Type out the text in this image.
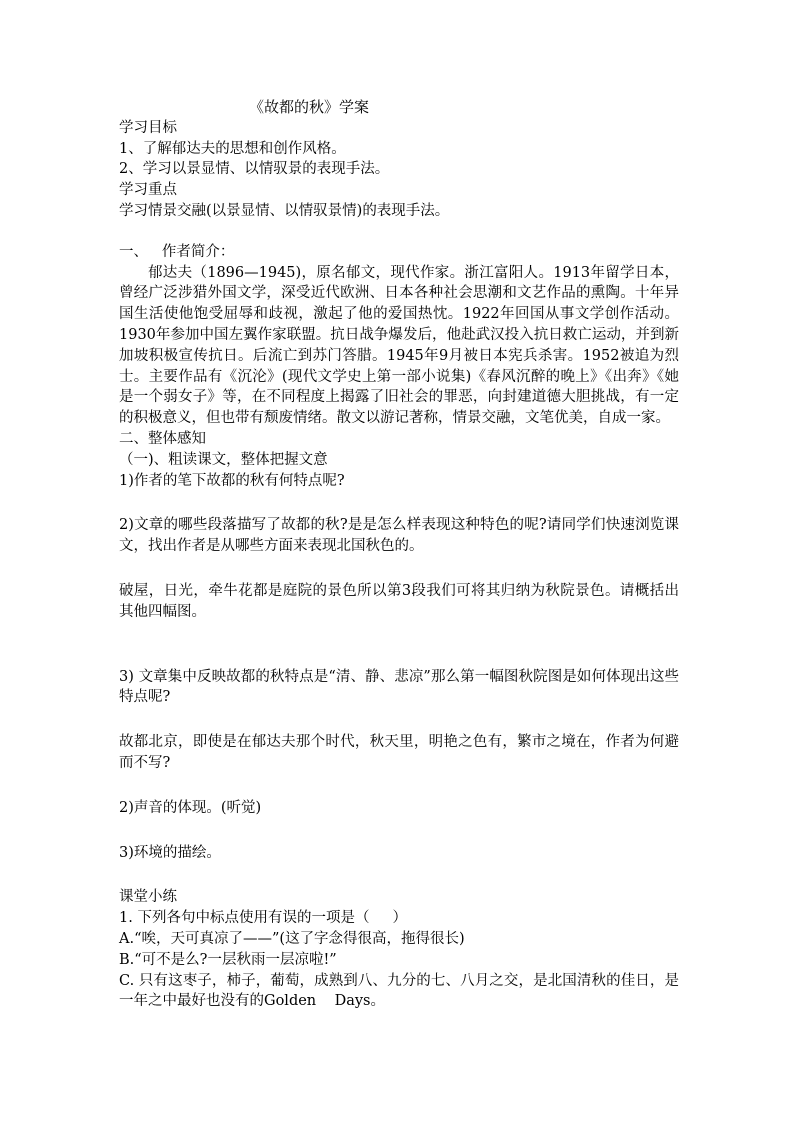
《故都的秋》学案

学习目标

1、了解郁达夫的思想和创作风格。

2、学习以景显情、以情驭景的表现手法。

学习重点

学习情景交融(以景显情、以情驭景情)的表现手法。

一、   作者简介：

郁达夫（1896—1945)，原名郁文，现代作家。浙江富阳人。1913年留学日本，曾经广泛涉猎外国文学，深受近代欧洲、日本各种社会思潮和文艺作品的熏陶。十年异国生活使他饱受屈辱和歧视，激起了他的爱国热忱。1922年回国从事文学创作活动。1930年参加中国左翼作家联盟。抗日战争爆发后，他赴武汉投入抗日救亡运动，并到新加坡积极宣传抗日。后流亡到苏门答腊。1945年9月被日本宪兵杀害。1952被追为烈士。主要作品有《沉沦》(现代文学史上第一部小说集)《春风沉醉的晚上》《出奔》《她是一个弱女子》等，在不同程度上揭露了旧社会的罪恶，向封建道德大胆挑战，有一定的积极意义，但也带有颓废情绪。散文以游记著称，情景交融，文笔优美，自成一家。

二、整体感知

（一)、粗读课文，整体把握文意

1)作者的笔下故都的秋有何特点呢?

2)文章的哪些段落描写了故都的秋?是是怎么样表现这种特色的呢?请同学们快速浏览课文，找出作者是从哪些方面来表现北国秋色的。

破屋，日光，牵牛花都是庭院的景色所以第3段我们可将其归纳为秋院景色。请概括出其他四幅图。

3) 文章集中反映故都的秋特点是“清、静、悲凉”那么第一幅图秋院图是如何体现出这些特点呢?

故都北京，即使是在郁达夫那个时代，秋天里，明艳之色有，繁市之境在，作者为何避而不写?

2)声音的体现。(听觉)

3)环境的描绘。

课堂小练

1. 下列各句中标点使用有误的一项是（     ）

A.“唉，天可真凉了——”(这了字念得很高，拖得很长)

B.“可不是么?一层秋雨一层凉啦!”

C. 只有这枣子，柿子，葡萄，成熟到八、九分的七、八月之交，是北国清秋的佳日，是一年之中最好也没有的Golden    Days。
